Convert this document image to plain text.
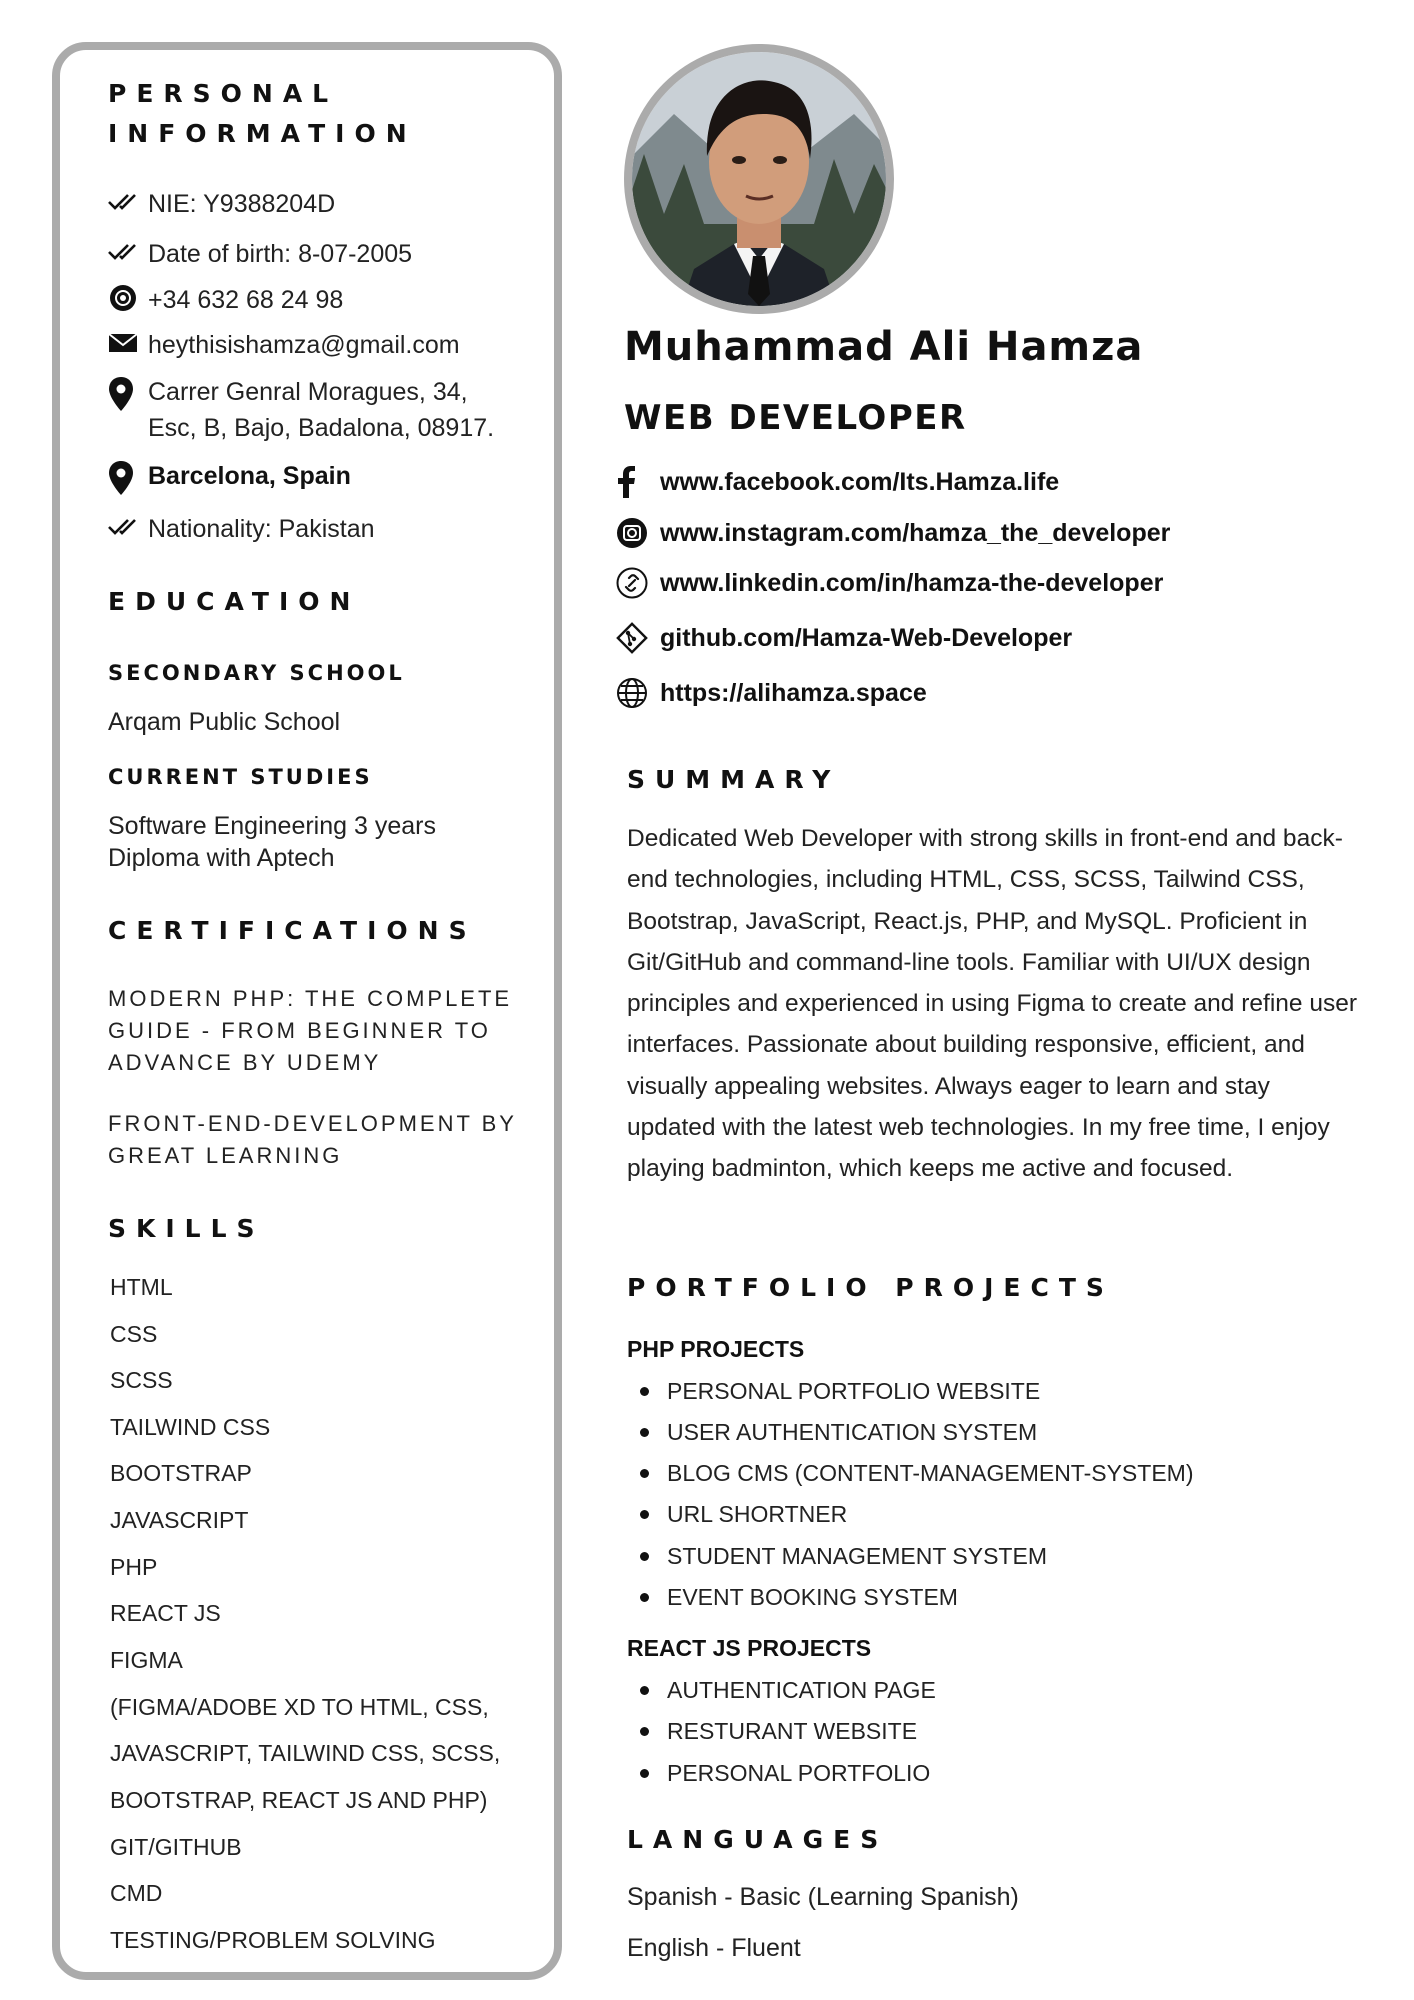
PERSONAL

INFORMATION

NIE: Y9388204D
Date of birth: 8-07-2005
+34 632 68 24 98
heythisishamza@gmail.com
Carrer Genral Moragues, 34,
Esc, B, Bajo, Badalona, 08917.
Barcelona, Spain
Nationality: Pakistan

EDUCATION

SECONDARY SCHOOL

Arqam Public School

CURRENT STUDIES

Software Engineering 3 years
Diploma with Aptech

CERTIFICATIONS

MODERN PHP: THE COMPLETE
GUIDE - FROM BEGINNER TO
ADVANCE BY UDEMY
FRONT-END-DEVELOPMENT BY
GREAT LEARNING

SKILLS

HTML
CSS
SCSS
TAILWIND CSS
BOOTSTRAP
JAVASCRIPT
PHP
REACT JS
FIGMA
(FIGMA/ADOBE XD TO HTML, CSS,
JAVASCRIPT, TAILWIND CSS, SCSS,
BOOTSTRAP, REACT JS AND PHP)
GIT/GITHUB
CMD
TESTING/PROBLEM SOLVING
Muhammad Ali Hamza
WEB DEVELOPER
www.facebook.com/Its.Hamza.life
www.instagram.com/hamza_the_developer
www.linkedin.com/in/hamza-the-developer
github.com/Hamza-Web-Developer
https://alihamza.space

SUMMARY

Dedicated Web Developer with strong skills in front-end and back-end technologies, including HTML, CSS, SCSS, Tailwind CSS, Bootstrap, JavaScript, React.js, PHP, and MySQL. Proficient in Git/GitHub and command-line tools. Familiar with UI/UX design principles and experienced in using Figma to create and refine user interfaces. Passionate about building responsive, efficient, and visually appealing websites. Always eager to learn and stay updated with the latest web technologies. In my free time, I enjoy playing badminton, which keeps me active and focused.

PORTFOLIO PROJECTS

PHP PROJECTS
PERSONAL PORTFOLIO WEBSITE
USER AUTHENTICATION SYSTEM
BLOG CMS (CONTENT-MANAGEMENT-SYSTEM)
URL SHORTNER
STUDENT MANAGEMENT SYSTEM
EVENT BOOKING SYSTEM
REACT JS PROJECTS
AUTHENTICATION PAGE
RESTURANT WEBSITE
PERSONAL PORTFOLIO

LANGUAGES

Spanish - Basic (Learning Spanish)
English - Fluent
